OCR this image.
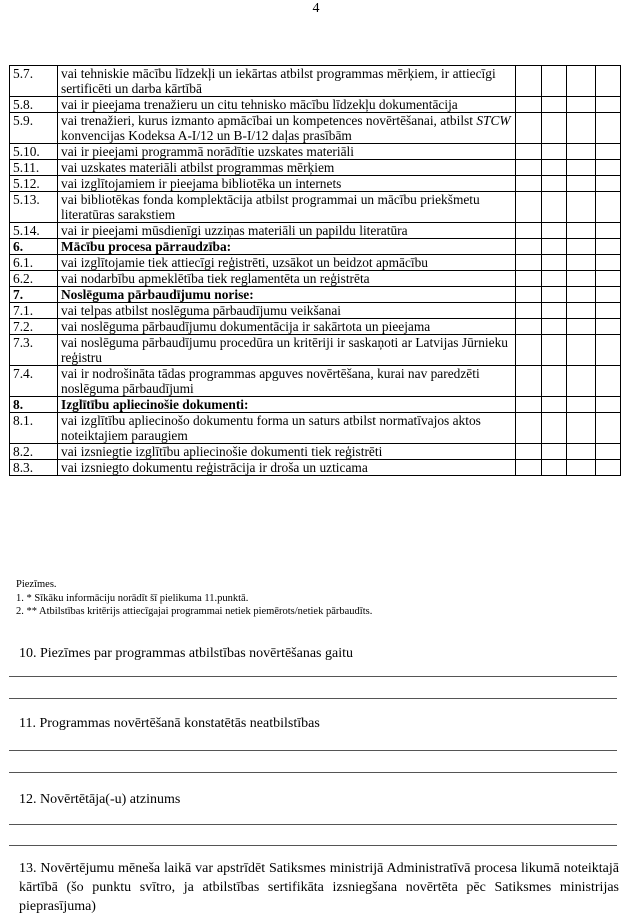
4
5.7.	vai tehniskie mācību līdzekļi un iekārtas atbilst programmas mērķiem, ir attiecīgi sertificēti un darba kārtībā				
5.8.	vai ir pieejama trenažieru un citu tehnisko mācību līdzekļu dokumentācija				
5.9.	vai trenažieri, kurus izmanto apmācībai un kompetences novērtēšanai, atbilst STCW konvencijas Kodeksa A-I/12 un B-I/12 daļas prasībām				
5.10.	vai ir pieejami programmā norādītie uzskates materiāli				
5.11.	vai uzskates materiāli atbilst programmas mērķiem				
5.12.	vai izglītojamiem ir pieejama bibliotēka un internets				
5.13.	vai bibliotēkas fonda komplektācija atbilst programmai un mācību priekšmetu literatūras sarakstiem				
5.14.	vai ir pieejami mūsdienīgi uzziņas materiāli un papildu literatūra				
6.	Mācību procesa pārraudzība:				
6.1.	vai izglītojamie tiek attiecīgi reģistrēti, uzsākot un beidzot apmācību				
6.2.	vai nodarbību apmeklētība tiek reglamentēta un reģistrēta				
7.	Noslēguma pārbaudījumu norise:				
7.1.	vai telpas atbilst noslēguma pārbaudījumu veikšanai				
7.2.	vai noslēguma pārbaudījumu dokumentācija ir sakārtota un pieejama				
7.3.	vai noslēguma pārbaudījumu procedūra un kritēriji ir saskaņoti ar Latvijas Jūrnieku reģistru				
7.4.	vai ir nodrošināta tādas programmas apguves novērtēšana, kurai nav paredzēti noslēguma pārbaudījumi				
8.	Izglītību apliecinošie dokumenti:				
8.1.	vai izglītību apliecinošo dokumentu forma un saturs atbilst normatīvajos aktos noteiktajiem paraugiem				
8.2.	vai izsniegtie izglītību apliecinošie dokumenti tiek reģistrēti				
8.3.	vai izsniegto dokumentu reģistrācija ir droša un uzticama				
Piezīmes.
1. * Sīkāku informāciju norādīt šī pielikuma 11.punktā.
2. ** Atbilstības kritērijs attiecīgajai programmai netiek piemērots/netiek pārbaudīts.
10. Piezīmes par programmas atbilstības novērtēšanas gaitu
11. Programmas novērtēšanā konstatētās neatbilstības
12. Novērtētāja(-u) atzinums
13. Novērtējumu mēneša laikā var apstrīdēt Satiksmes ministrijā Administratīvā procesa likumā noteiktajā kārtībā (šo punktu svītro, ja atbilstības sertifikāta izsniegšana novērtēta pēc Satiksmes ministrijas pieprasījuma)
